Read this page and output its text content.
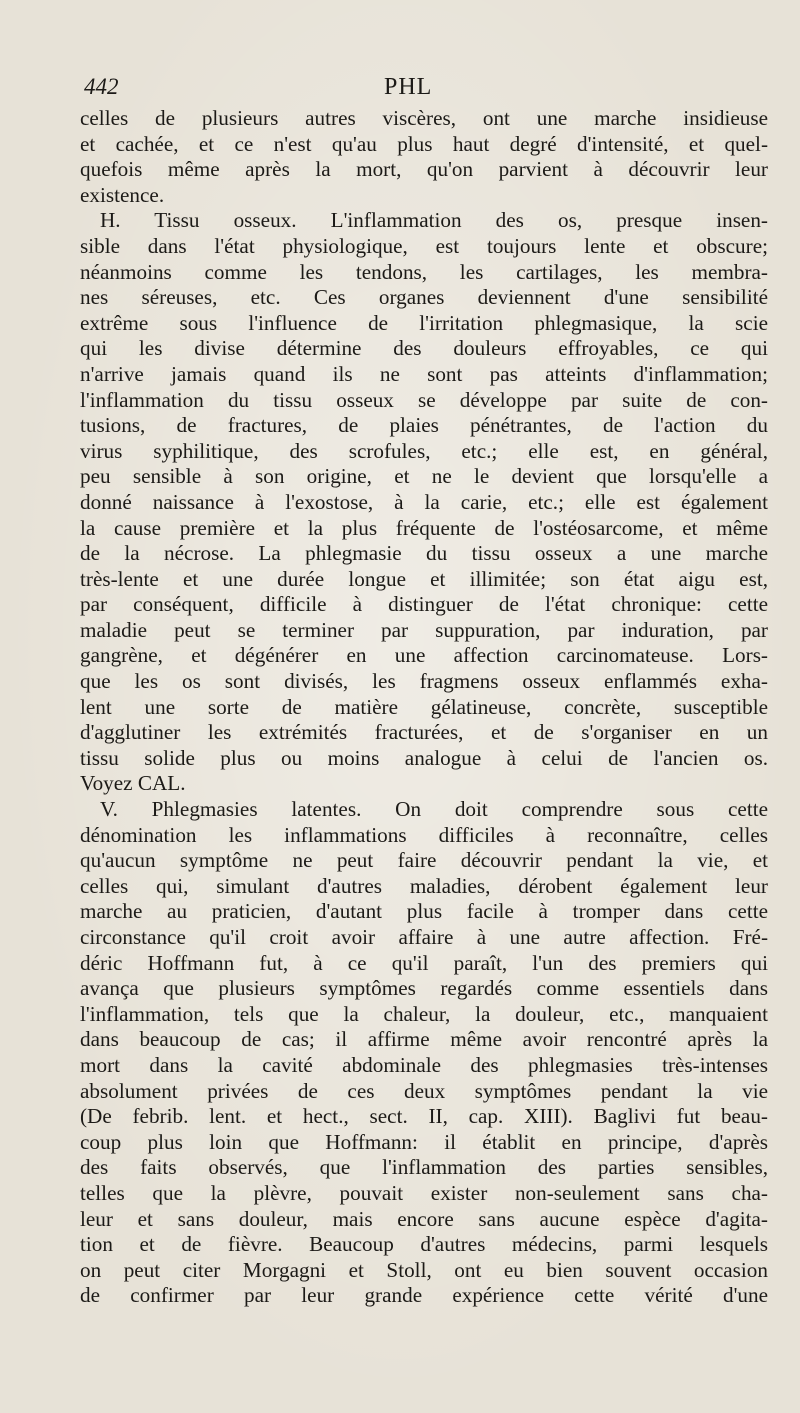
442	PHL
celles de plusieurs autres viscères, ont une marche insidieuse
et cachée, et ce n'est qu'au plus haut degré d'intensité, et quel-
quefois même après la mort, qu'on parvient à découvrir leur
existence.
H. Tissu osseux. L'inflammation des os, presque insen-
sible dans l'état physiologique, est toujours lente et obscure;
néanmoins comme les tendons, les cartilages, les membra-
nes séreuses, etc. Ces organes deviennent d'une sensibilité
extrême sous l'influence de l'irritation phlegmasique, la scie
qui les divise détermine des douleurs effroyables, ce qui
n'arrive jamais quand ils ne sont pas atteints d'inflammation;
l'inflammation du tissu osseux se développe par suite de con-
tusions, de fractures, de plaies pénétrantes, de l'action du
virus syphilitique, des scrofules, etc.; elle est, en général,
peu sensible à son origine, et ne le devient que lorsqu'elle a
donné naissance à l'exostose, à la carie, etc.; elle est également
la cause première et la plus fréquente de l'ostéosarcome, et même
de la nécrose. La phlegmasie du tissu osseux a une marche
très-lente et une durée longue et illimitée; son état aigu est,
par conséquent, difficile à distinguer de l'état chronique: cette
maladie peut se terminer par suppuration, par induration, par
gangrène, et dégénérer en une affection carcinomateuse. Lors-
que les os sont divisés, les fragmens osseux enflammés exha-
lent une sorte de matière gélatineuse, concrète, susceptible
d'agglutiner les extrémités fracturées, et de s'organiser en un
tissu solide plus ou moins analogue à celui de l'ancien os.
Voyez CAL.
V. Phlegmasies latentes. On doit comprendre sous cette
dénomination les inflammations difficiles à reconnaître, celles
qu'aucun symptôme ne peut faire découvrir pendant la vie, et
celles qui, simulant d'autres maladies, dérobent également leur
marche au praticien, d'autant plus facile à tromper dans cette
circonstance qu'il croit avoir affaire à une autre affection. Fré-
déric Hoffmann fut, à ce qu'il paraît, l'un des premiers qui
avança que plusieurs symptômes regardés comme essentiels dans
l'inflammation, tels que la chaleur, la douleur, etc., manquaient
dans beaucoup de cas; il affirme même avoir rencontré après la
mort dans la cavité abdominale des phlegmasies très-intenses
absolument privées de ces deux symptômes pendant la vie
(De febrib. lent. et hect., sect. II, cap. XIII). Baglivi fut beau-
coup plus loin que Hoffmann: il établit en principe, d'après
des faits observés, que l'inflammation des parties sensibles,
telles que la plèvre, pouvait exister non-seulement sans cha-
leur et sans douleur, mais encore sans aucune espèce d'agita-
tion et de fièvre. Beaucoup d'autres médecins, parmi lesquels
on peut citer Morgagni et Stoll, ont eu bien souvent occasion
de confirmer par leur grande expérience cette vérité d'une
